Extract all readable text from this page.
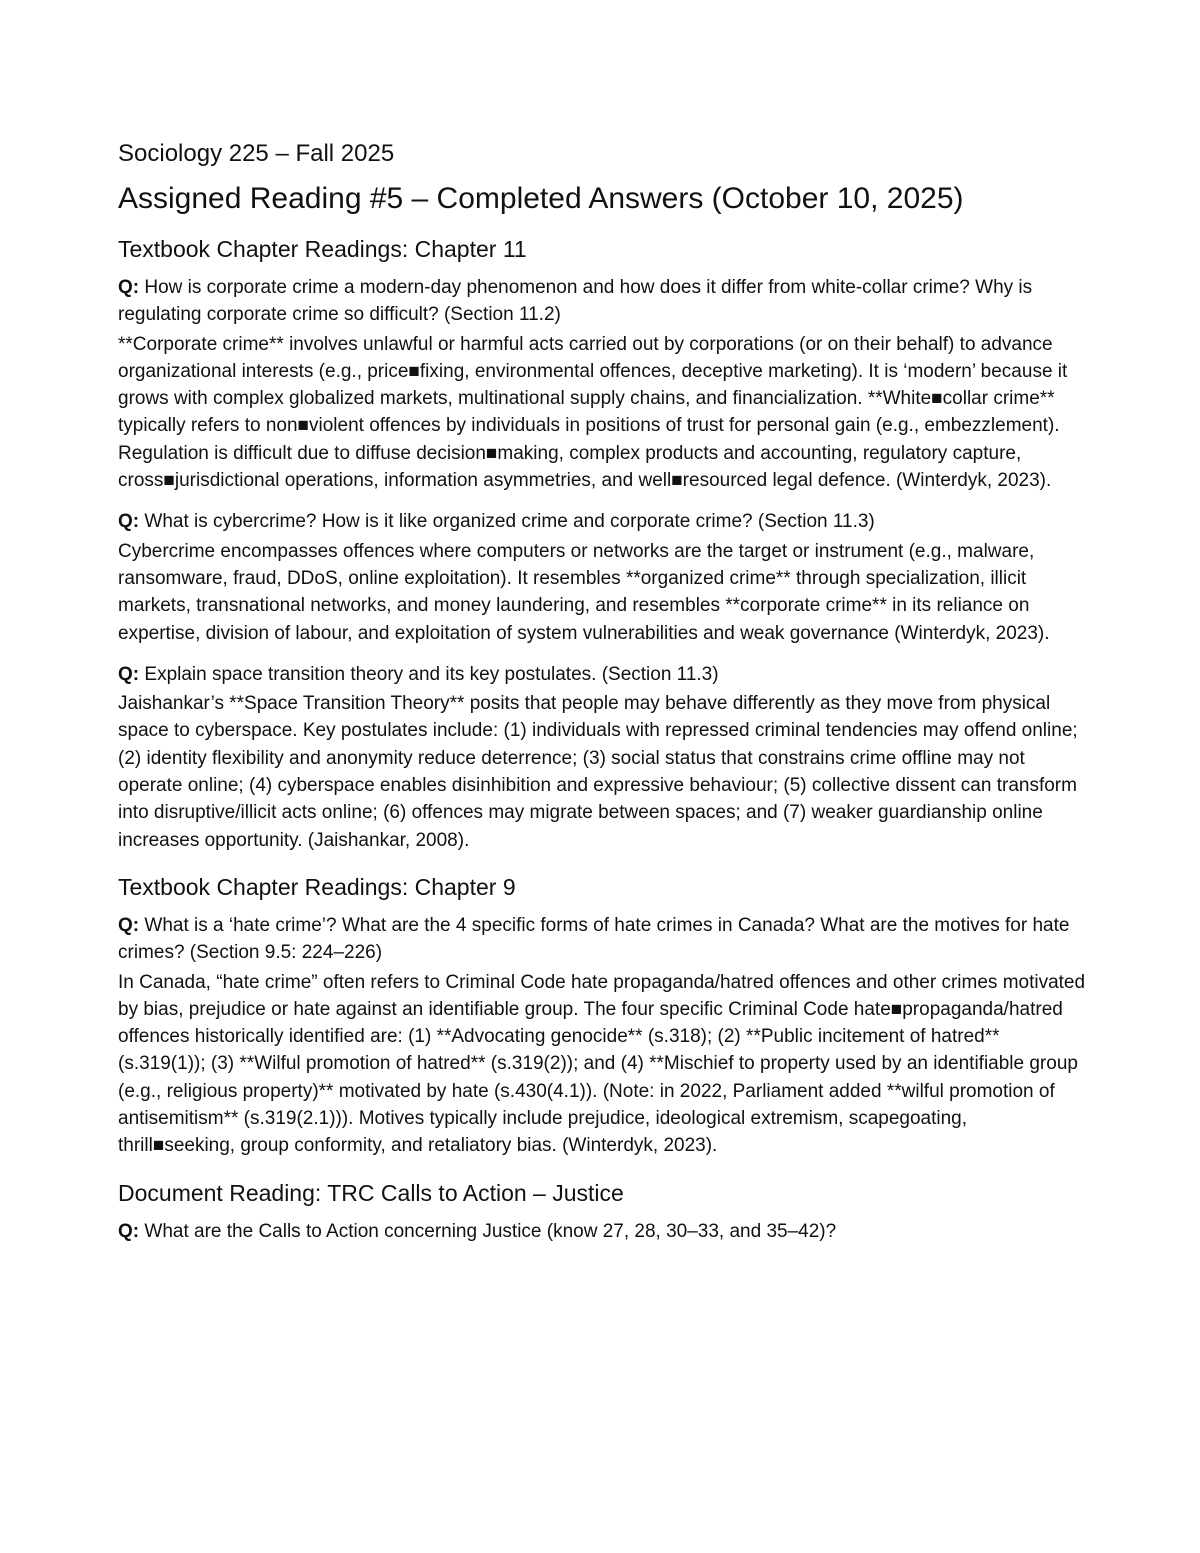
Sociology 225 – Fall 2025
Assigned Reading #5 – Completed Answers (October 10, 2025)
Textbook Chapter Readings: Chapter 11

Q: How is corporate crime a modern-day phenomenon and how does it differ from white-collar crime? Why is regulating corporate crime so difficult? (Section 11.2)

**Corporate crime** involves unlawful or harmful acts carried out by corporations (or on their behalf) to advance organizational interests (e.g., price■fixing, environmental offences, deceptive marketing). It is ‘modern’ because it grows with complex globalized markets, multinational supply chains, and financialization. **White■collar crime** typically refers to non■violent offences by individuals in positions of trust for personal gain (e.g., embezzlement). Regulation is difficult due to diffuse decision■making, complex products and accounting, regulatory capture, cross■jurisdictional operations, information asymmetries, and well■resourced legal defence. (Winterdyk, 2023).

Q: What is cybercrime? How is it like organized crime and corporate crime? (Section 11.3)

Cybercrime encompasses offences where computers or networks are the target or instrument (e.g., malware, ransomware, fraud, DDoS, online exploitation). It resembles **organized crime** through specialization, illicit markets, transnational networks, and money laundering, and resembles **corporate crime** in its reliance on expertise, division of labour, and exploitation of system vulnerabilities and weak governance (Winterdyk, 2023).

Q: Explain space transition theory and its key postulates. (Section 11.3)

Jaishankar’s **Space Transition Theory** posits that people may behave differently as they move from physical space to cyberspace. Key postulates include: (1) individuals with repressed criminal tendencies may offend online; (2) identity flexibility and anonymity reduce deterrence; (3) social status that constrains crime offline may not operate online; (4) cyberspace enables disinhibition and expressive behaviour; (5) collective dissent can transform into disruptive/illicit acts online; (6) offences may migrate between spaces; and (7) weaker guardianship online increases opportunity. (Jaishankar, 2008).

Textbook Chapter Readings: Chapter 9

Q: What is a ‘hate crime’? What are the 4 specific forms of hate crimes in Canada? What are the motives for hate crimes? (Section 9.5: 224–226)

In Canada, “hate crime” often refers to Criminal Code hate propaganda/hatred offences and other crimes motivated by bias, prejudice or hate against an identifiable group. The four specific Criminal Code hate■propaganda/hatred offences historically identified are: (1) **Advocating genocide** (s.318); (2) **Public incitement of hatred** (s.319(1)); (3) **Wilful promotion of hatred** (s.319(2)); and (4) **Mischief to property used by an identifiable group (e.g., religious property)** motivated by hate (s.430(4.1)). (Note: in 2022, Parliament added **wilful promotion of antisemitism** (s.319(2.1))). Motives typically include prejudice, ideological extremism, scapegoating, thrill■seeking, group conformity, and retaliatory bias. (Winterdyk, 2023).

Document Reading: TRC Calls to Action – Justice

Q: What are the Calls to Action concerning Justice (know 27, 28, 30–33, and 35–42)?
